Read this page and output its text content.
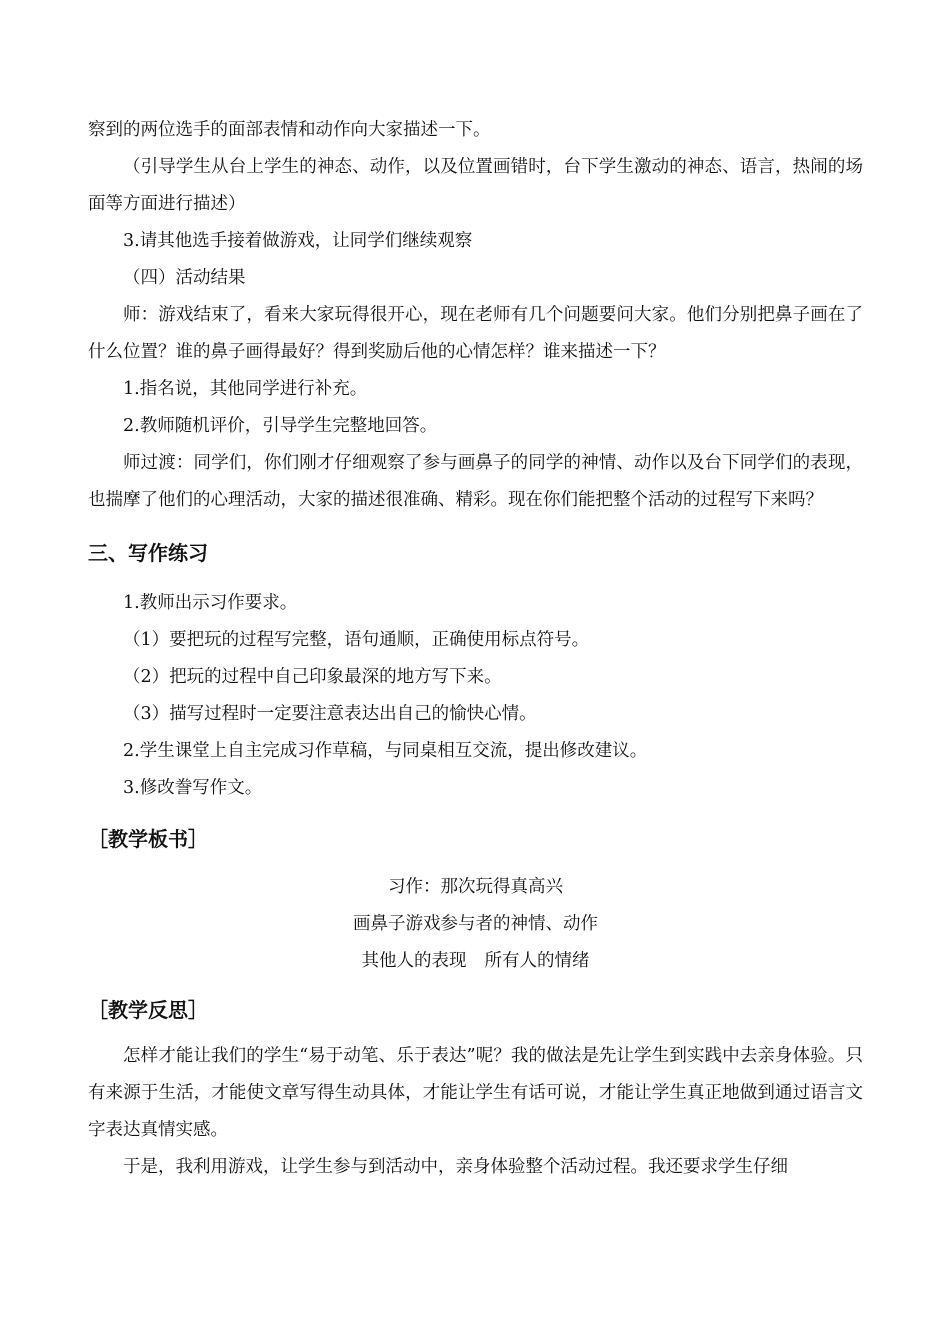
察到的两位选手的面部表情和动作向大家描述一下。

（引导学生从台上学生的神态、动作，以及位置画错时，台下学生激动的神态、语言，热闹的场面等方面进行描述）

3.请其他选手接着做游戏，让同学们继续观察

（四）活动结果

师：游戏结束了，看来大家玩得很开心，现在老师有几个问题要问大家。他们分别把鼻子画在了什么位置？谁的鼻子画得最好？得到奖励后他的心情怎样？谁来描述一下？

1.指名说，其他同学进行补充。

2.教师随机评价，引导学生完整地回答。

师过渡：同学们，你们刚才仔细观察了参与画鼻子的同学的神情、动作以及台下同学们的表现，也揣摩了他们的心理活动，大家的描述很准确、精彩。现在你们能把整个活动的过程写下来吗？

三、写作练习

1.教师出示习作要求。

（1）要把玩的过程写完整，语句通顺，正确使用标点符号。

（2）把玩的过程中自己印象最深的地方写下来。

（3）描写过程时一定要注意表达出自己的愉快心情。

2.学生课堂上自主完成习作草稿，与同桌相互交流，提出修改建议。

3.修改誊写作文。

［教学板书］
习作：那次玩得真高兴
画鼻子游戏参与者的神情、动作
其他人的表现 所有人的情绪
［教学反思］

怎样才能让我们的学生“易于动笔、乐于表达”呢？我的做法是先让学生到实践中去亲身体验。只有来源于生活，才能使文章写得生动具体，才能让学生有话可说，才能让学生真正地做到通过语言文字表达真情实感。

于是，我利用游戏，让学生参与到活动中，亲身体验整个活动过程。我还要求学生仔细
